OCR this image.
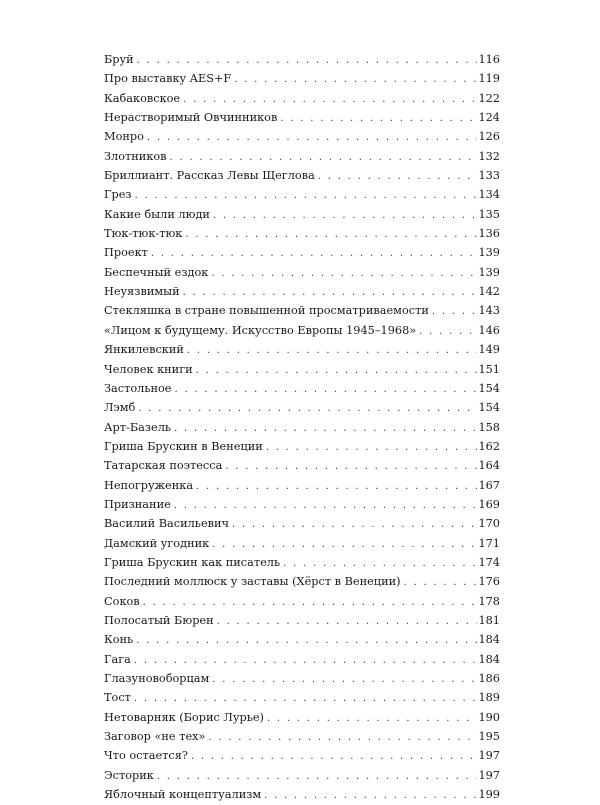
Бруй . . .	116
Про выставку AES+F . . .	119
Кабаковское . . .	122
Нерастворимый Овчинников . . .	124
Монро . . .	126
Злотников . . .	132
Бриллиант. Рассказ Левы Щеглова . . .	133
Грез . . .	134
Какие были люди . . .	135
Тюк-тюк-тюк . . .	136
Проект . . .	139
Беспечный ездок . . .	139
Неуязвимый . . .	142
Стекляшка в стране повышенной просматриваемости . . .	143
«Лицом к будущему. Искусство Европы 1945–1968» . . .	146
Янкилевский . . .	149
Человек книги . . .	151
Застольное . . .	154
Лэмб . . .	154
Арт-Базель . . .	158
Гриша Брускин в Венеции . . .	162
Татарская поэтесса . . .	164
Непогруженка . . .	167
Признание . . .	169
Василий Васильевич . . .	170
Дамский угодник . . .	171
Гриша Брускин как писатель . . .	174
Последний моллюск у заставы (Хёрст в Венеции) . . .	176
Соков . . .	178
Полосатый Бюрен . . .	181
Конь . . .	184
Гага . . .	184
Глазуновоборцам . . .	186
Тост . . .	189
Нетоварняк (Борис Лурье) . . .	190
Заговор «не тех» . . .	195
Что остается? . . .	197
Эсторик . . .	197
Яблочный концептуализм . . .	199
